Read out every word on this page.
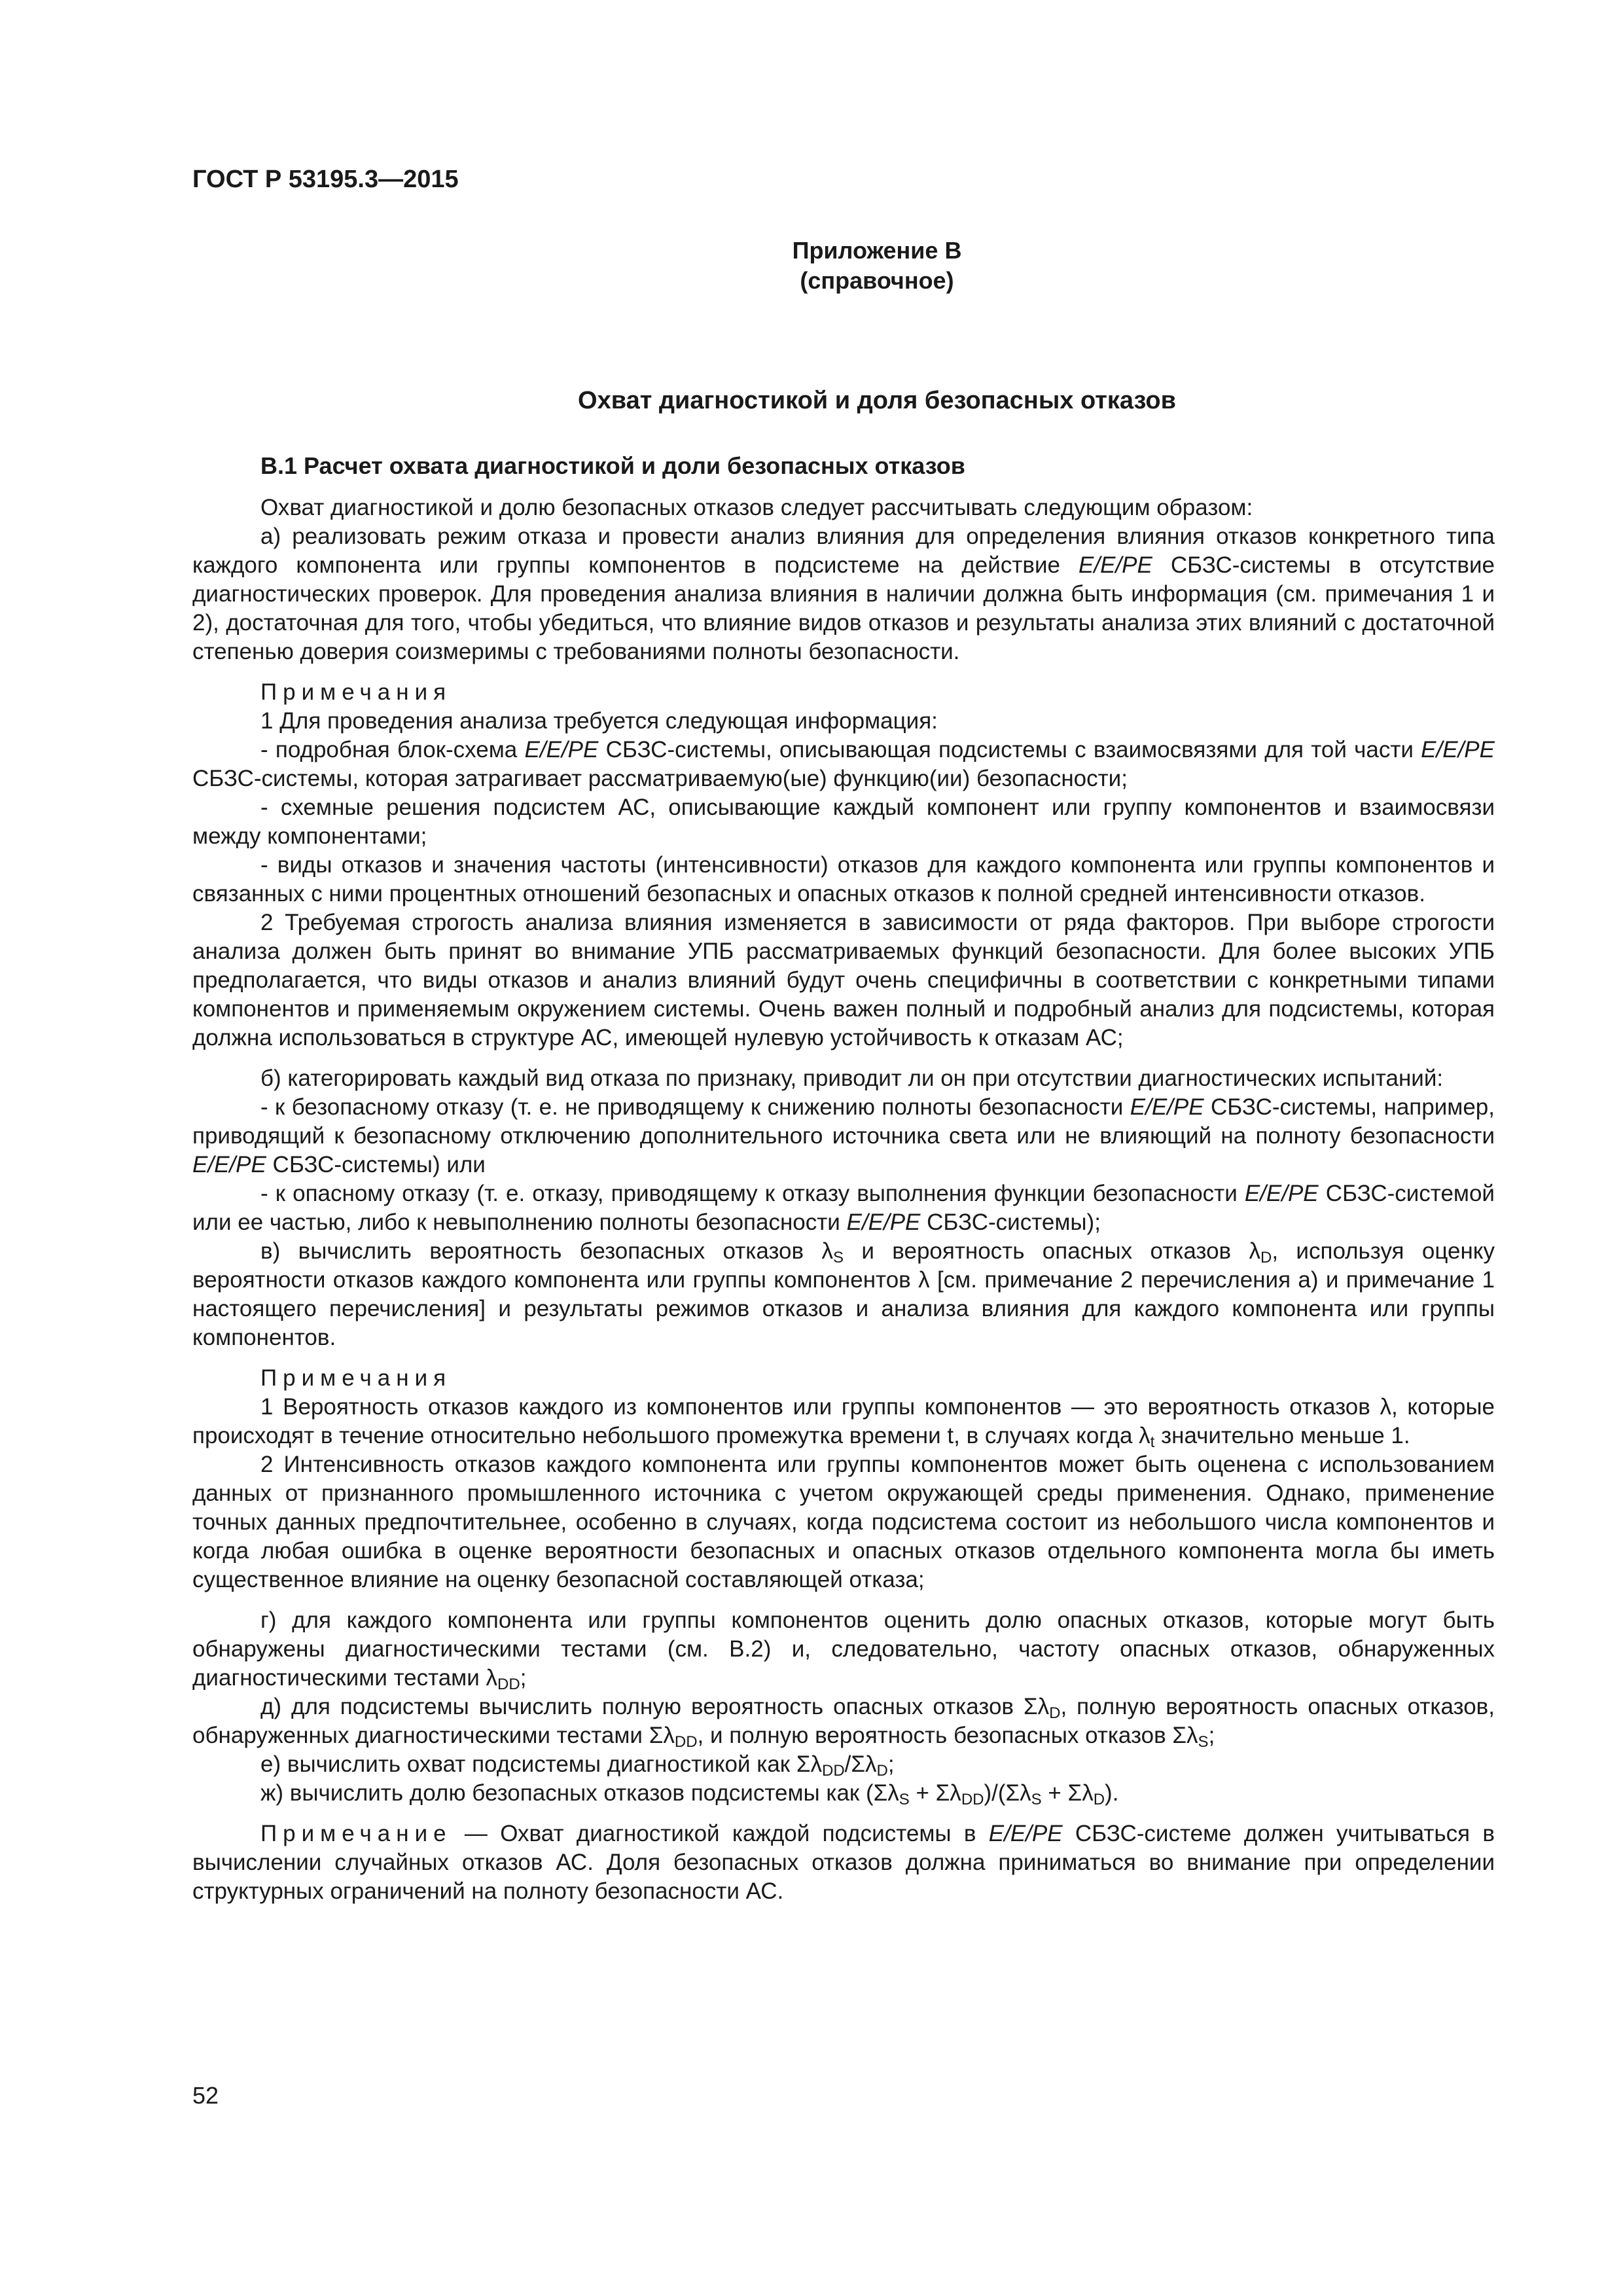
ГОСТ Р 53195.3—2015
Приложение В
(справочное)
Охват диагностикой и доля безопасных отказов

В.1 Расчет охвата диагностикой и доли безопасных отказов

Охват диагностикой и долю безопасных отказов следует рассчитывать следующим образом:

а) реализовать режим отказа и провести анализ влияния для определения влияния отказов конкретного типа каждого компонента или группы компонентов в подсистеме на действие E/E/PE СБЗС-системы в отсутствие диагностических проверок. Для проведения анализа влияния в наличии должна быть информация (см. примечания 1 и 2), достаточная для того, чтобы убедиться, что влияние видов отказов и результаты анализа этих влияний с достаточной степенью доверия соизмеримы с требованиями полноты безопасности.

Примечания

1 Для проведения анализа требуется следующая информация:

- подробная блок-схема E/E/PE СБЗС-системы, описывающая подсистемы с взаимосвязями для той части E/E/PE СБЗС-системы, которая затрагивает рассматриваемую(ые) функцию(ии) безопасности;

- схемные решения подсистем АС, описывающие каждый компонент или группу компонентов и взаимосвязи между компонентами;

- виды отказов и значения частоты (интенсивности) отказов для каждого компонента или группы компонентов и связанных с ними процентных отношений безопасных и опасных отказов к полной средней интенсивности отказов.

2 Требуемая строгость анализа влияния изменяется в зависимости от ряда факторов. При выборе строгости анализа должен быть принят во внимание УПБ рассматриваемых функций безопасности. Для более высоких УПБ предполагается, что виды отказов и анализ влияний будут очень специфичны в соответствии с конкретными типами компонентов и применяемым окружением системы. Очень важен полный и подробный анализ для подсистемы, которая должна использоваться в структуре АС, имеющей нулевую устойчивость к отказам АС;

б) категорировать каждый вид отказа по признаку, приводит ли он при отсутствии диагностических испытаний:

- к безопасному отказу (т. е. не приводящему к снижению полноты безопасности E/E/PE СБЗС-системы, например, приводящий к безопасному отключению дополнительного источника света или не влияющий на полноту безопасности E/E/PE СБЗС-системы) или

- к опасному отказу (т. е. отказу, приводящему к отказу выполнения функции безопасности E/E/PE СБЗС-системой или ее частью, либо к невыполнению полноты безопасности E/E/PE СБЗС-системы);

в) вычислить вероятность безопасных отказов $\lambda_S$ и вероятность опасных отказов $\lambda_D$, используя оценку вероятности отказов каждого компонента или группы компонентов λ [см. примечание 2 перечисления а) и примечание 1 настоящего перечисления] и результаты режимов отказов и анализа влияния для каждого компонента или группы компонентов.

Примечания

1 Вероятность отказов каждого из компонентов или группы компонентов — это вероятность отказов λ, которые происходят в течение относительно небольшого промежутка времени t, в случаях когда $\lambda_t$ значительно меньше 1.

2 Интенсивность отказов каждого компонента или группы компонентов может быть оценена с использованием данных от признанного промышленного источника с учетом окружающей среды применения. Однако, применение точных данных предпочтительнее, особенно в случаях, когда подсистема состоит из небольшого числа компонентов и когда любая ошибка в оценке вероятности безопасных и опасных отказов отдельного компонента могла бы иметь существенное влияние на оценку безопасной составляющей отказа;

г) для каждого компонента или группы компонентов оценить долю опасных отказов, которые могут быть обнаружены диагностическими тестами (см. В.2) и, следовательно, частоту опасных отказов, обнаруженных диагностическими тестами $\lambda_{DD}$;

д) для подсистемы вычислить полную вероятность опасных отказов $\Sigma\lambda_D$, полную вероятность опасных отказов, обнаруженных диагностическими тестами $\Sigma\lambda_{DD}$, и полную вероятность безопасных отказов $\Sigma\lambda_S$;

е) вычислить охват подсистемы диагностикой как $\Sigma\lambda_{DD}/\Sigma\lambda_D$;

ж) вычислить долю безопасных отказов подсистемы как $(\Sigma\lambda_S + \Sigma\lambda_{DD})/(\Sigma\lambda_S + \Sigma\lambda_D)$.

Примечание — Охват диагностикой каждой подсистемы в E/E/PE СБЗС-системе должен учитываться в вычислении случайных отказов АС. Доля безопасных отказов должна приниматься во внимание при определении структурных ограничений на полноту безопасности АС.

52
